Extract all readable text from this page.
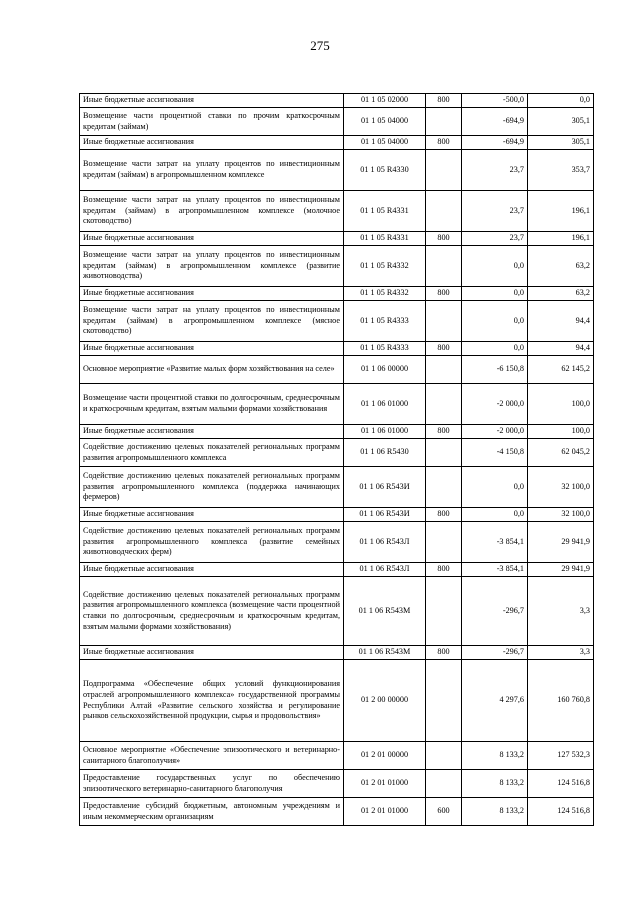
275
Иные бюджетные ассигнования	01 1 05 02000	800	-500,0	0,0
Возмещение части процентной ставки по прочим краткосрочным кредитам (займам)	01 1 05 04000		-694,9	305,1
Иные бюджетные ассигнования	01 1 05 04000	800	-694,9	305,1
Возмещение части затрат на уплату процентов по инвестиционным кредитам (займам) в агропромышленном комплексе	01 1 05 R4330		23,7	353,7
Возмещение части затрат на уплату процентов по инвестиционным кредитам (займам) в агропромышленном комплексе (молочное скотоводство)	01 1 05 R4331		23,7	196,1
Иные бюджетные ассигнования	01 1 05 R4331	800	23,7	196,1
Возмещение части затрат на уплату процентов по инвестиционным кредитам (займам) в агропромышленном комплексе (развитие животноводства)	01 1 05 R4332		0,0	63,2
Иные бюджетные ассигнования	01 1 05 R4332	800	0,0	63,2
Возмещение части затрат на уплату процентов по инвестиционным кредитам (займам) в агропромышленном комплексе (мясное скотоводство)	01 1 05 R4333		0,0	94,4
Иные бюджетные ассигнования	01 1 05 R4333	800	0,0	94,4
Основное мероприятие «Развитие малых форм хозяйствования на селе»	01 1 06 00000		-6 150,8	62 145,2
Возмещение части процентной ставки по долгосрочным, среднесрочным и краткосрочным кредитам, взятым малыми формами хозяйствования	01 1 06 01000		-2 000,0	100,0
Иные бюджетные ассигнования	01 1 06 01000	800	-2 000,0	100,0
Содействие достижению целевых показателей региональных программ развития агропромышленного комплекса	01 1 06 R5430		-4 150,8	62 045,2
Содействие достижению целевых показателей региональных программ развития агропромышленного комплекса (поддержка начинающих фермеров)	01 1 06 R543И		0,0	32 100,0
Иные бюджетные ассигнования	01 1 06 R543И	800	0,0	32 100,0
Содействие достижению целевых показателей региональных программ развития агропромышленного комплекса (развитие семейных животноводческих ферм)	01 1 06 R543Л		-3 854,1	29 941,9
Иные бюджетные ассигнования	01 1 06 R543Л	800	-3 854,1	29 941,9
Содействие достижению целевых показателей региональных программ развития агропромышленного комплекса (возмещение части процентной ставки по долгосрочным, среднесрочным и краткосрочным кредитам, взятым малыми формами хозяйствования)	01 1 06 R543М		-296,7	3,3
Иные бюджетные ассигнования	01 1 06 R543М	800	-296,7	3,3
Подпрограмма «Обеспечение общих условий функционирования отраслей агропромышленного комплекса» государственной программы Республики Алтай «Развитие сельского хозяйства и регулирование рынков сельскохозяйственной продукции, сырья и продовольствия»	01 2 00 00000		4 297,6	160 760,8
Основное мероприятие «Обеспечение эпизоотического и ветеринарно-санитарного благополучия»	01 2 01 00000		8 133,2	127 532,3
Предоставление государственных услуг по обеспечению эпизоотического ветеринарно-санитарного благополучия	01 2 01 01000		8 133,2	124 516,8
Предоставление субсидий бюджетным, автономным учреждениям и иным некоммерческим организациям	01 2 01 01000	600	8 133,2	124 516,8
